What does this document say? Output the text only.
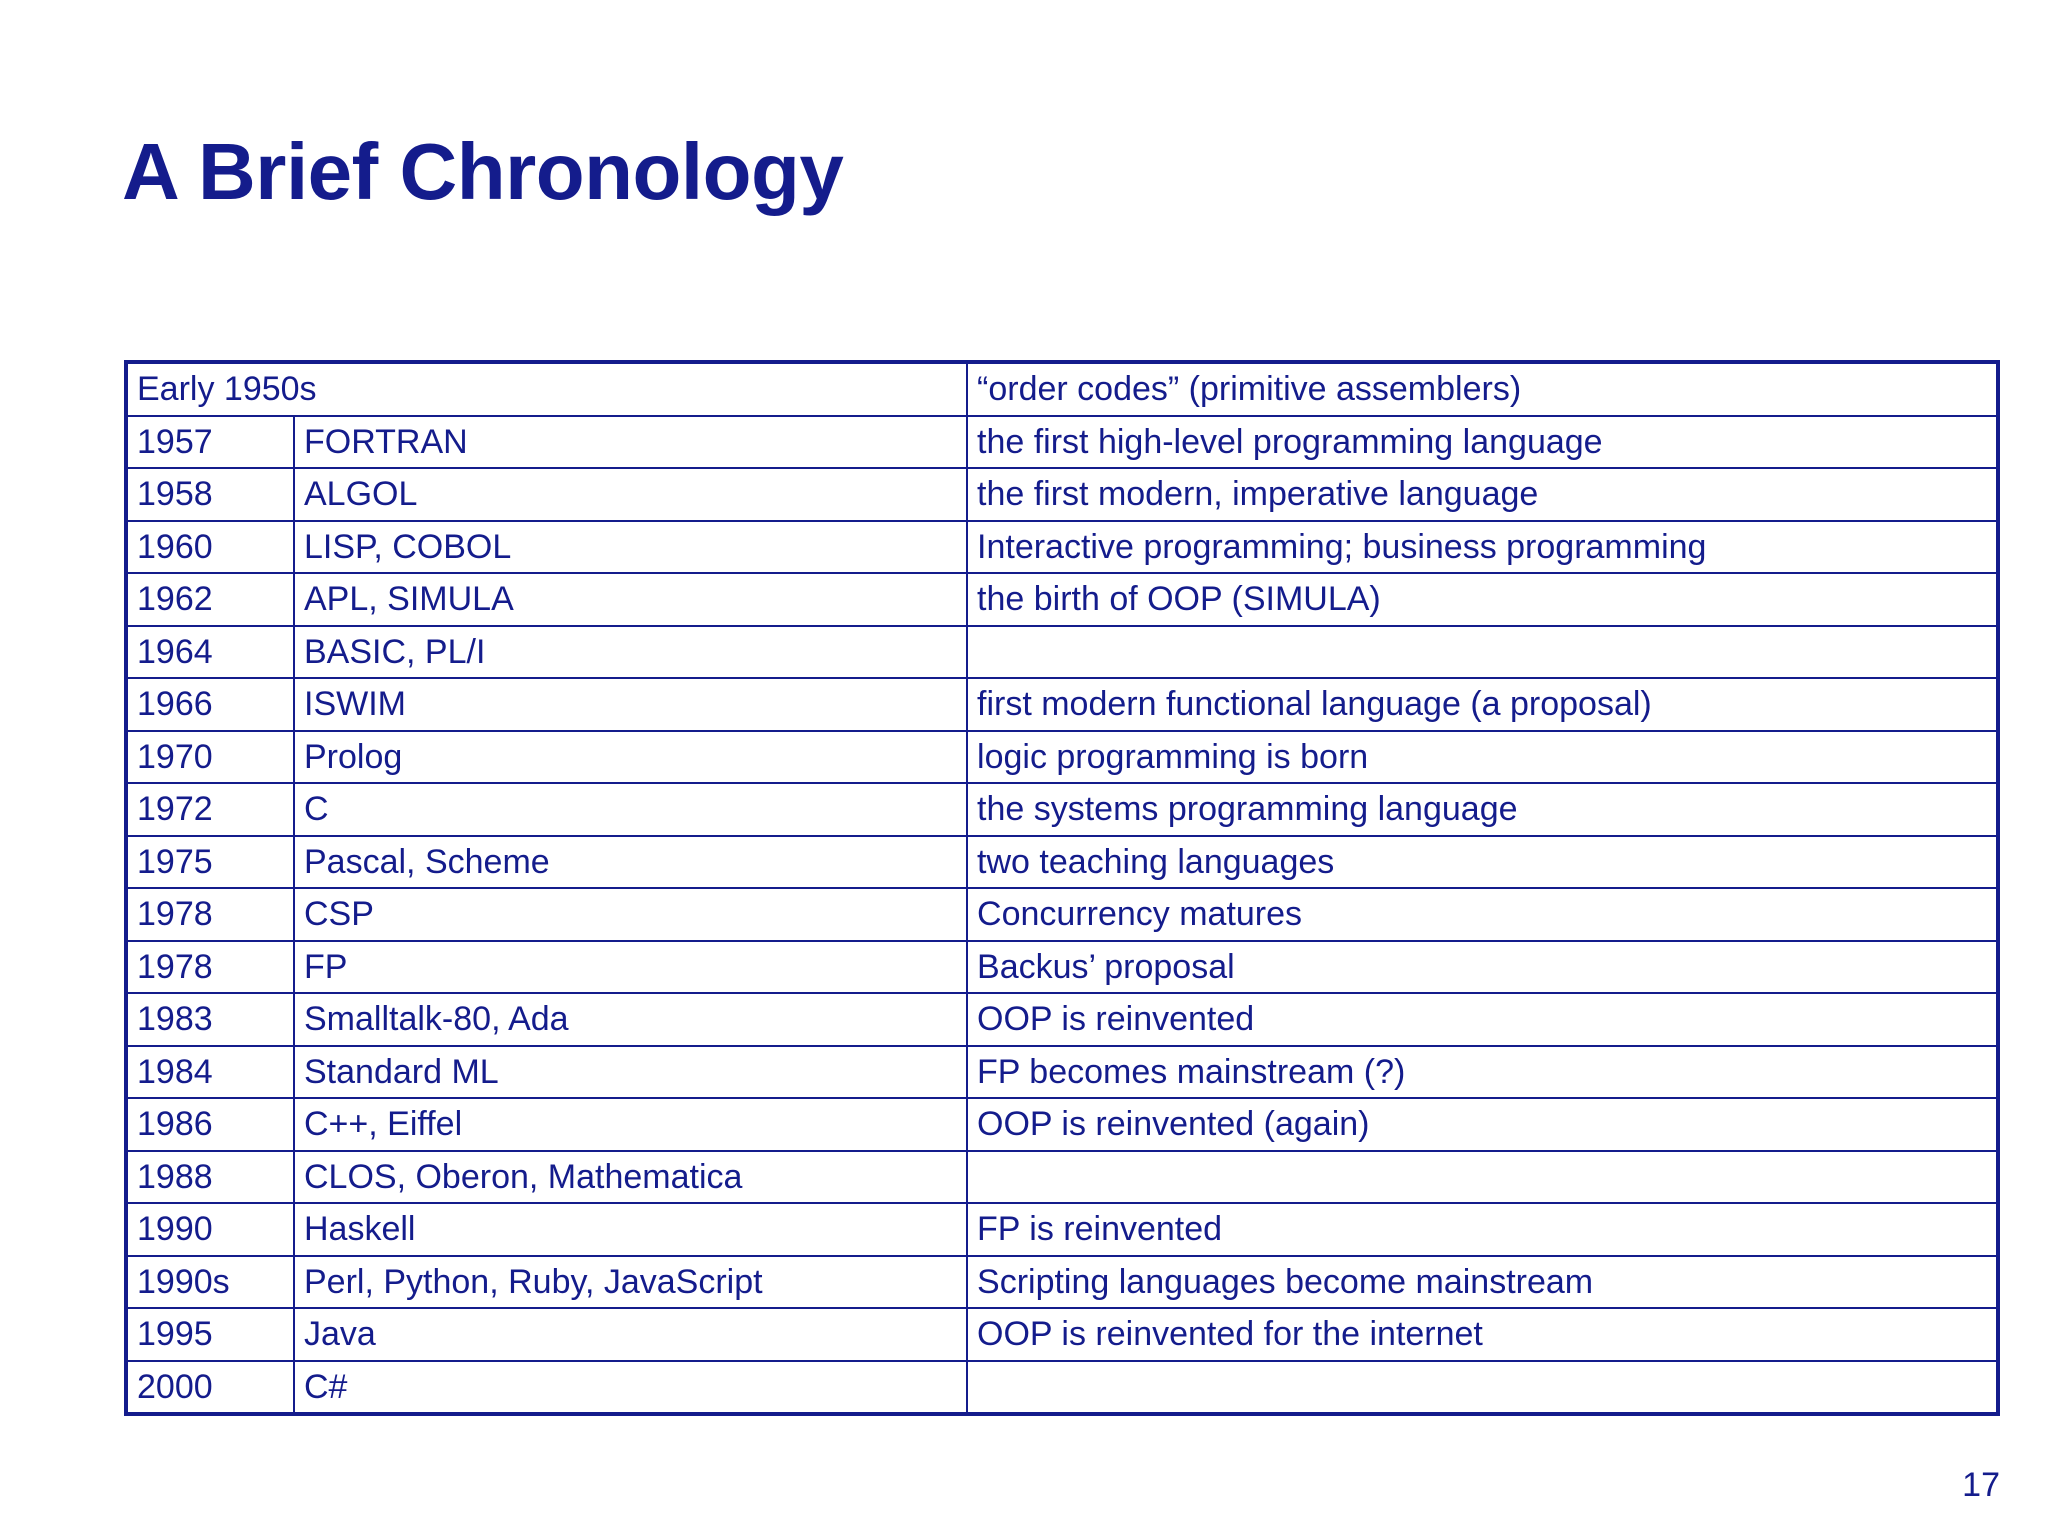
A Brief Chronology
Early 1950s		“order codes” (primitive assemblers)
1957	FORTRAN	the first high-level programming language
1958	ALGOL	the first modern, imperative language
1960	LISP, COBOL	Interactive programming; business programming
1962	APL, SIMULA	the birth of OOP (SIMULA)
1964	BASIC, PL/I	
1966	ISWIM	first modern functional language (a proposal)
1970	Prolog	logic programming is born
1972	C	the systems programming language
1975	Pascal, Scheme	two teaching languages
1978	CSP	Concurrency matures
1978	FP	Backus’ proposal
1983	Smalltalk-80, Ada	OOP is reinvented
1984	Standard ML	FP becomes mainstream (?)
1986	C++, Eiffel	OOP is reinvented (again)
1988	CLOS, Oberon, Mathematica	
1990	Haskell	FP is reinvented
1990s	Perl, Python, Ruby, JavaScript	Scripting languages become mainstream
1995	Java	OOP is reinvented for the internet
2000	C#	
17
